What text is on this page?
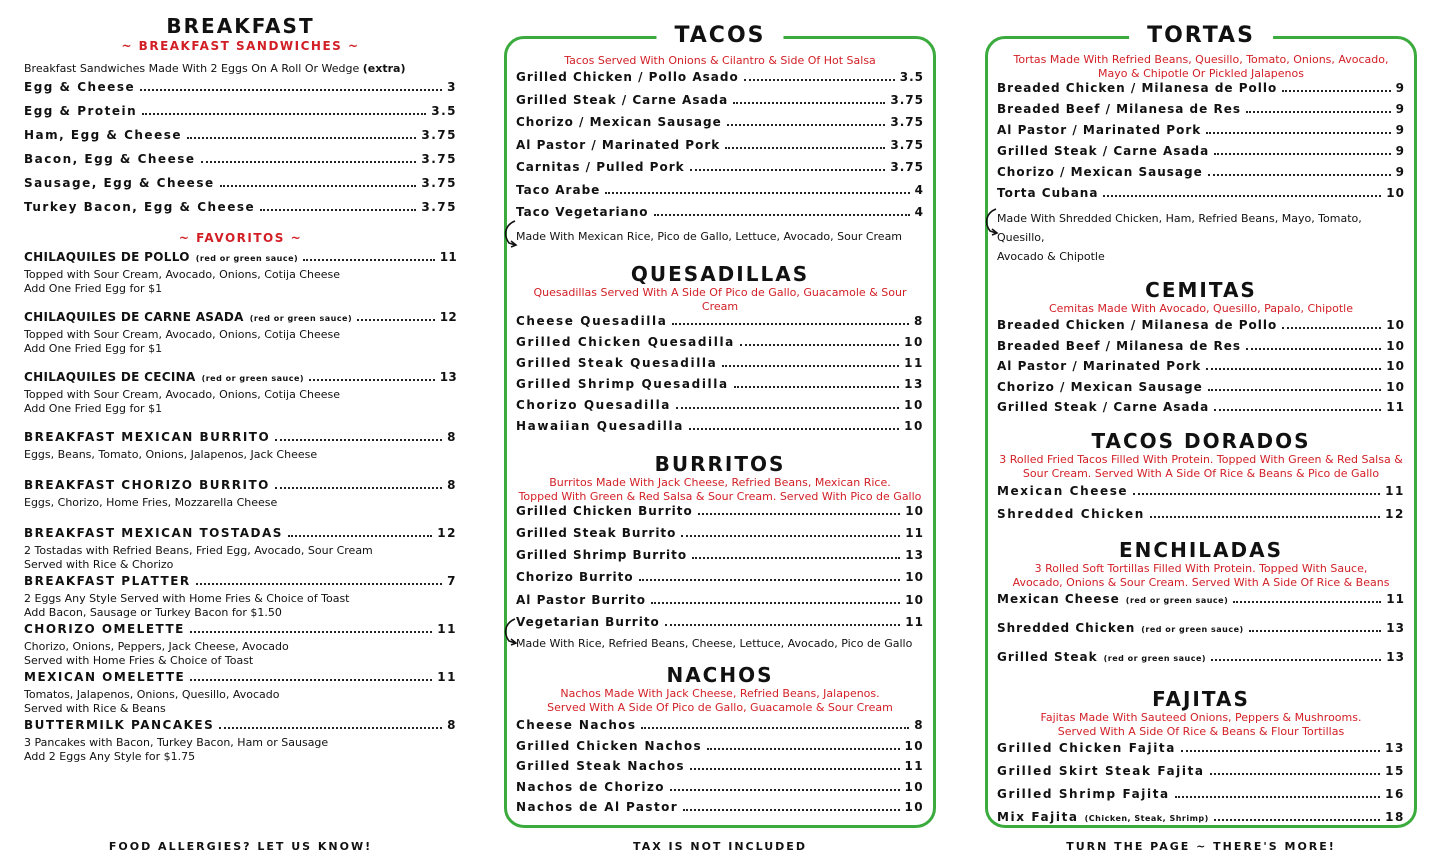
BREAKFAST
~ BREAKFAST SANDWICHES ~
Breakfast Sandwiches Made With 2 Eggs On A Roll Or Wedge (extra)
Egg & Cheese	3
Egg & Protein	3.5
Ham, Egg & Cheese	3.75
Bacon, Egg & Cheese	3.75
Sausage, Egg & Cheese	3.75
Turkey Bacon, Egg & Cheese	3.75
~ FAVORITOS ~
CHILAQUILES DE POLLO (red or green sauce)	11
Topped with Sour Cream, Avocado, Onions, Cotija Cheese
Add One Fried Egg for $1
CHILAQUILES DE CARNE ASADA (red or green sauce)	12
Topped with Sour Cream, Avocado, Onions, Cotija Cheese
Add One Fried Egg for $1
CHILAQUILES DE CECINA (red or green sauce)	13
Topped with Sour Cream, Avocado, Onions, Cotija Cheese
Add One Fried Egg for $1
BREAKFAST MEXICAN BURRITO	8
Eggs, Beans, Tomato, Onions, Jalapenos, Jack Cheese
BREAKFAST CHORIZO BURRITO	8
Eggs, Chorizo, Home Fries, Mozzarella Cheese
BREAKFAST MEXICAN TOSTADAS	12
2 Tostadas with Refried Beans, Fried Egg, Avocado, Sour Cream
Served with Rice & Chorizo
BREAKFAST PLATTER	7
2 Eggs Any Style Served with Home Fries & Choice of Toast
Add Bacon, Sausage or Turkey Bacon for $1.50
CHORIZO OMELETTE	11
Chorizo, Onions, Peppers, Jack Cheese, Avocado
Served with Home Fries & Choice of Toast
MEXICAN OMELETTE	11
Tomatos, Jalapenos, Onions, Quesillo, Avocado
Served with Rice & Beans
BUTTERMILK PANCAKES	8
3 Pancakes with Bacon, Turkey Bacon, Ham or Sausage
Add 2 Eggs Any Style for $1.75
TACOS
Tacos Served With Onions & Cilantro & Side Of Hot Salsa
Grilled Chicken / Pollo Asado	3.5
Grilled Steak / Carne Asada	3.75
Chorizo / Mexican Sausage	3.75
Al Pastor / Marinated Pork	3.75
Carnitas / Pulled Pork	3.75
Taco Arabe	4
Taco Vegetariano	4
Made With Mexican Rice, Pico de Gallo, Lettuce, Avocado, Sour Cream
QUESADILLAS
Quesadillas Served With A Side Of Pico de Gallo, Guacamole & Sour Cream
Cheese Quesadilla	8
Grilled Chicken Quesadilla	10
Grilled Steak Quesadilla	11
Grilled Shrimp Quesadilla	13
Chorizo Quesadilla	10
Hawaiian Quesadilla	10
BURRITOS
Burritos Made With Jack Cheese, Refried Beans, Mexican Rice.
Topped With Green & Red Salsa & Sour Cream. Served With Pico de Gallo
Grilled Chicken Burrito	10
Grilled Steak Burrito	11
Grilled Shrimp Burrito	13
Chorizo Burrito	10
Al Pastor Burrito	10
Vegetarian Burrito	11
Made With Rice, Refried Beans, Cheese, Lettuce, Avocado, Pico de Gallo
NACHOS
Nachos Made With Jack Cheese, Refried Beans, Jalapenos.
Served With A Side Of Pico de Gallo, Guacamole & Sour Cream
Cheese Nachos	8
Grilled Chicken Nachos	10
Grilled Steak Nachos	11
Nachos de Chorizo	10
Nachos de Al Pastor	10
TORTAS
Tortas Made With Refried Beans, Quesillo, Tomato, Onions, Avocado,
Mayo & Chipotle Or Pickled Jalapenos
Breaded Chicken / Milanesa de Pollo	9
Breaded Beef / Milanesa de Res	9
Al Pastor / Marinated Pork	9
Grilled Steak / Carne Asada	9
Chorizo / Mexican Sausage	9
Torta Cubana	10
Made With Shredded Chicken, Ham, Refried Beans, Mayo, Tomato, Quesillo,
Avocado & Chipotle
CEMITAS
Cemitas Made With Avocado, Quesillo, Papalo, Chipotle
Breaded Chicken / Milanesa de Pollo	10
Breaded Beef / Milanesa de Res	10
Al Pastor / Marinated Pork	10
Chorizo / Mexican Sausage	10
Grilled Steak / Carne Asada	11
TACOS DORADOS
3 Rolled Fried Tacos Filled With Protein. Topped With Green & Red Salsa &
Sour Cream. Served With A Side Of Rice & Beans & Pico de Gallo
Mexican Cheese	11
Shredded Chicken	12
ENCHILADAS
3 Rolled Soft Tortillas Filled With Protein. Topped With Sauce,
Avocado, Onions & Sour Cream. Served With A Side Of Rice & Beans
Mexican Cheese (red or green sauce)	11
Shredded Chicken (red or green sauce)	13
Grilled Steak (red or green sauce)	13
FAJITAS
Fajitas Made With Sauteed Onions, Peppers & Mushrooms.
Served With A Side Of Rice & Beans & Flour Tortillas
Grilled Chicken Fajita	13
Grilled Skirt Steak Fajita	15
Grilled Shrimp Fajita	16
Mix Fajita (Chicken, Steak, Shrimp)	18
FOOD ALLERGIES? LET US KNOW!	TAX IS NOT INCLUDED	TURN THE PAGE ~ THERE'S MORE!
